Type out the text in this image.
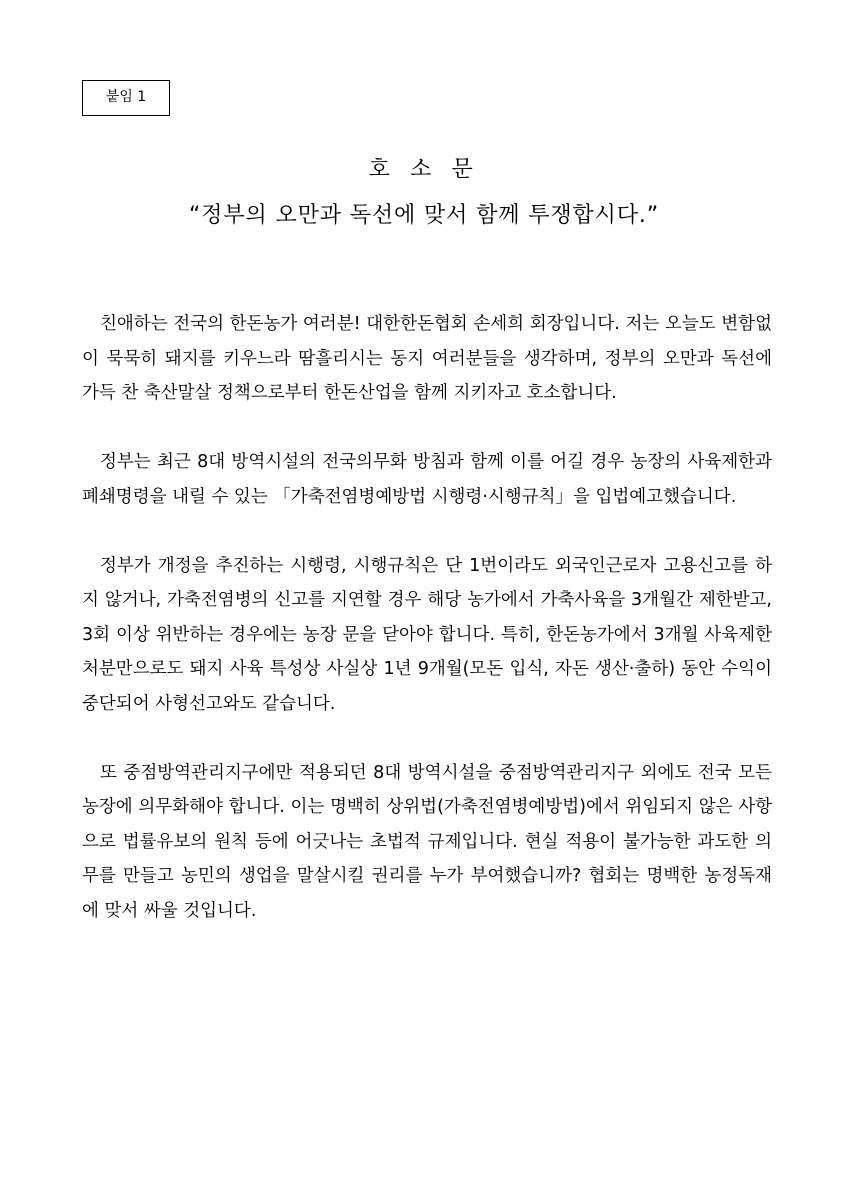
붙임 1
호 소 문
“정부의 오만과 독선에 맞서 함께 투쟁합시다.”

친애하는 전국의 한돈농가 여러분! 대한한돈협회 손세희 회장입니다. 저는 오늘도 변함없이 묵묵히 돼지를 키우느라 땀흘리시는 동지 여러분들을 생각하며, 정부의 오만과 독선에 가득 찬 축산말살 정책으로부터 한돈산업을 함께 지키자고 호소합니다.

정부는 최근 8대 방역시설의 전국의무화 방침과 함께 이를 어길 경우 농장의 사육제한과 폐쇄명령을 내릴 수 있는 「가축전염병예방법 시행령·시행규칙」을 입법예고했습니다.

정부가 개정을 추진하는 시행령, 시행규칙은 단 1번이라도 외국인근로자 고용신고를 하지 않거나, 가축전염병의 신고를 지연할 경우 해당 농가에서 가축사육을 3개월간 제한받고, 3회 이상 위반하는 경우에는 농장 문을 닫아야 합니다. 특히, 한돈농가에서 3개월 사육제한 처분만으로도 돼지 사육 특성상 사실상 1년 9개월(모돈 입식, 자돈 생산·출하) 동안 수익이 중단되어 사형선고와도 같습니다.

또 중점방역관리지구에만 적용되던 8대 방역시설을 중점방역관리지구 외에도 전국 모든 농장에 의무화해야 합니다. 이는 명백히 상위법(가축전염병예방법)에서 위임되지 않은 사항으로 법률유보의 원칙 등에 어긋나는 초법적 규제입니다. 현실 적용이 불가능한 과도한 의무를 만들고 농민의 생업을 말살시킬 권리를 누가 부여했습니까? 협회는 명백한 농정독재에 맞서 싸울 것입니다.
